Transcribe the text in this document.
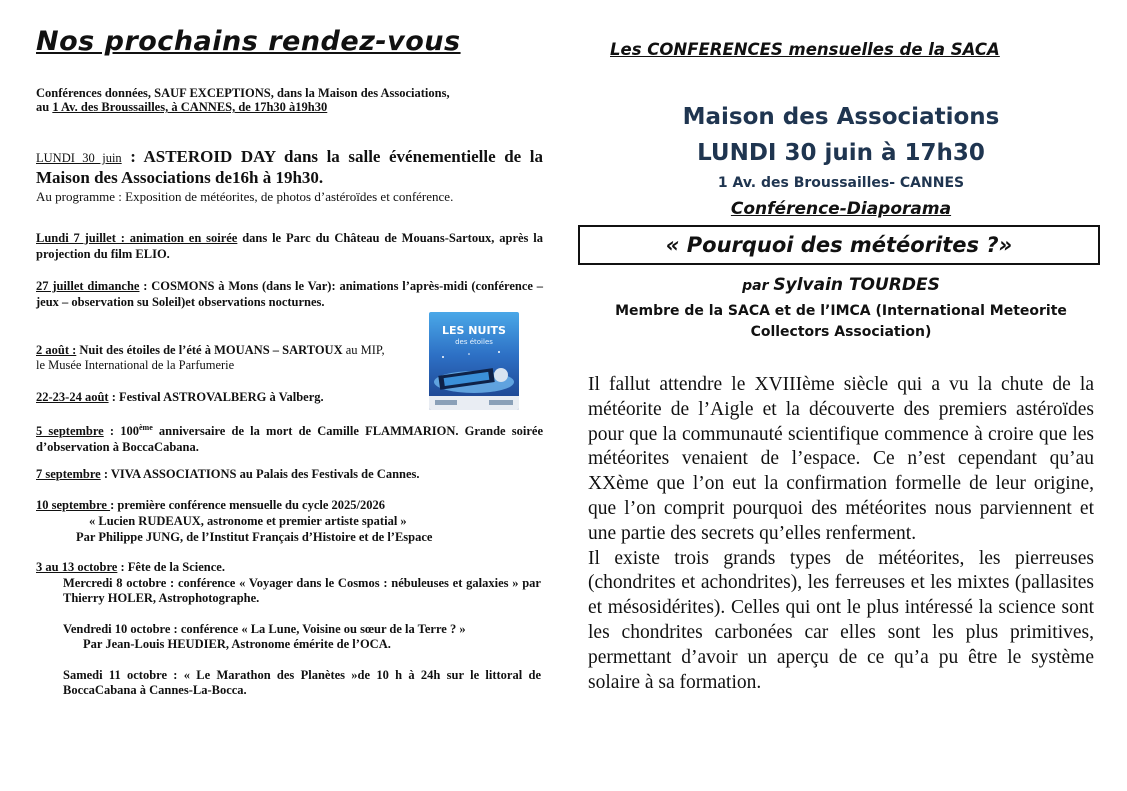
Nos prochains rendez-vous
Conférences données, SAUF EXCEPTIONS, dans la Maison des Associations,
au 1 Av. des Broussailles, à CANNES, de 17h30 à19h30
LUNDI 30 juin : ASTEROID DAY dans la salle événementielle de la Maison des Associations de16h à 19h30.
Au programme : Exposition de météorites, de photos d’astéroïdes et conférence.
Lundi 7 juillet : animation en soirée dans le Parc du Château de Mouans-Sartoux, après la projection du film ELIO.
27 juillet dimanche : COSMONS à Mons (dans le Var): animations l’après-midi (conférence – jeux – observation su Soleil)et observations nocturnes.
2 août : Nuit des étoiles de l’été à MOUANS – SARTOUX au MIP,
le Musée International de la Parfumerie
LES NUITS
des étoiles
22-23-24 août : Festival ASTROVALBERG à Valberg.
5 septembre : 100ème anniversaire de la mort de Camille FLAMMARION. Grande soirée d’observation à BoccaCabana.
7 septembre : VIVA ASSOCIATIONS au Palais des Festivals de Cannes.
10 septembre : première conférence mensuelle du cycle 2025/2026
« Lucien RUDEAUX, astronome et premier artiste spatial »
Par Philippe JUNG, de l’Institut Français d’Histoire et de l’Espace
3 au 13 octobre : Fête de la Science.
Mercredi 8 octobre : conférence « Voyager dans le Cosmos : nébuleuses et galaxies » par Thierry HOLER, Astrophotographe.
Vendredi 10 octobre : conférence « La Lune, Voisine ou sœur de la Terre ? »
Par Jean-Louis HEUDIER, Astronome émérite de l’OCA.
Samedi 11 octobre : « Le Marathon des Planètes »de 10 h à 24h sur le littoral de BoccaCabana à Cannes-La-Bocca.
Les CONFERENCES mensuelles de la SACA
Maison des Associations
LUNDI 30 juin à 17h30
1 Av. des Broussailles- CANNES
Conférence-Diaporama
« Pourquoi des météorites ?»
par Sylvain TOURDES
Membre de la SACA et de l’IMCA (International Meteorite
Collectors Association)
Il fallut attendre le XVIIIème siècle qui a vu la chute de la météorite de l’Aigle et la découverte des premiers astéroïdes pour que la communauté scientifique commence à croire que les météorites venaient de l’espace. Ce n’est cependant qu’au XXème que l’on eut la confirmation formelle de leur origine, que l’on comprit pourquoi des météorites nous parviennent et une partie des secrets qu’elles renferment.
Il existe trois grands types de météorites, les pierreuses (chondrites et achondrites), les ferreuses et les mixtes (pallasites et mésosidérites). Celles qui ont le plus intéressé la science sont les chondrites carbonées car elles sont les plus primitives, permettant d’avoir un aperçu de ce qu’a pu être le système solaire à sa formation.
